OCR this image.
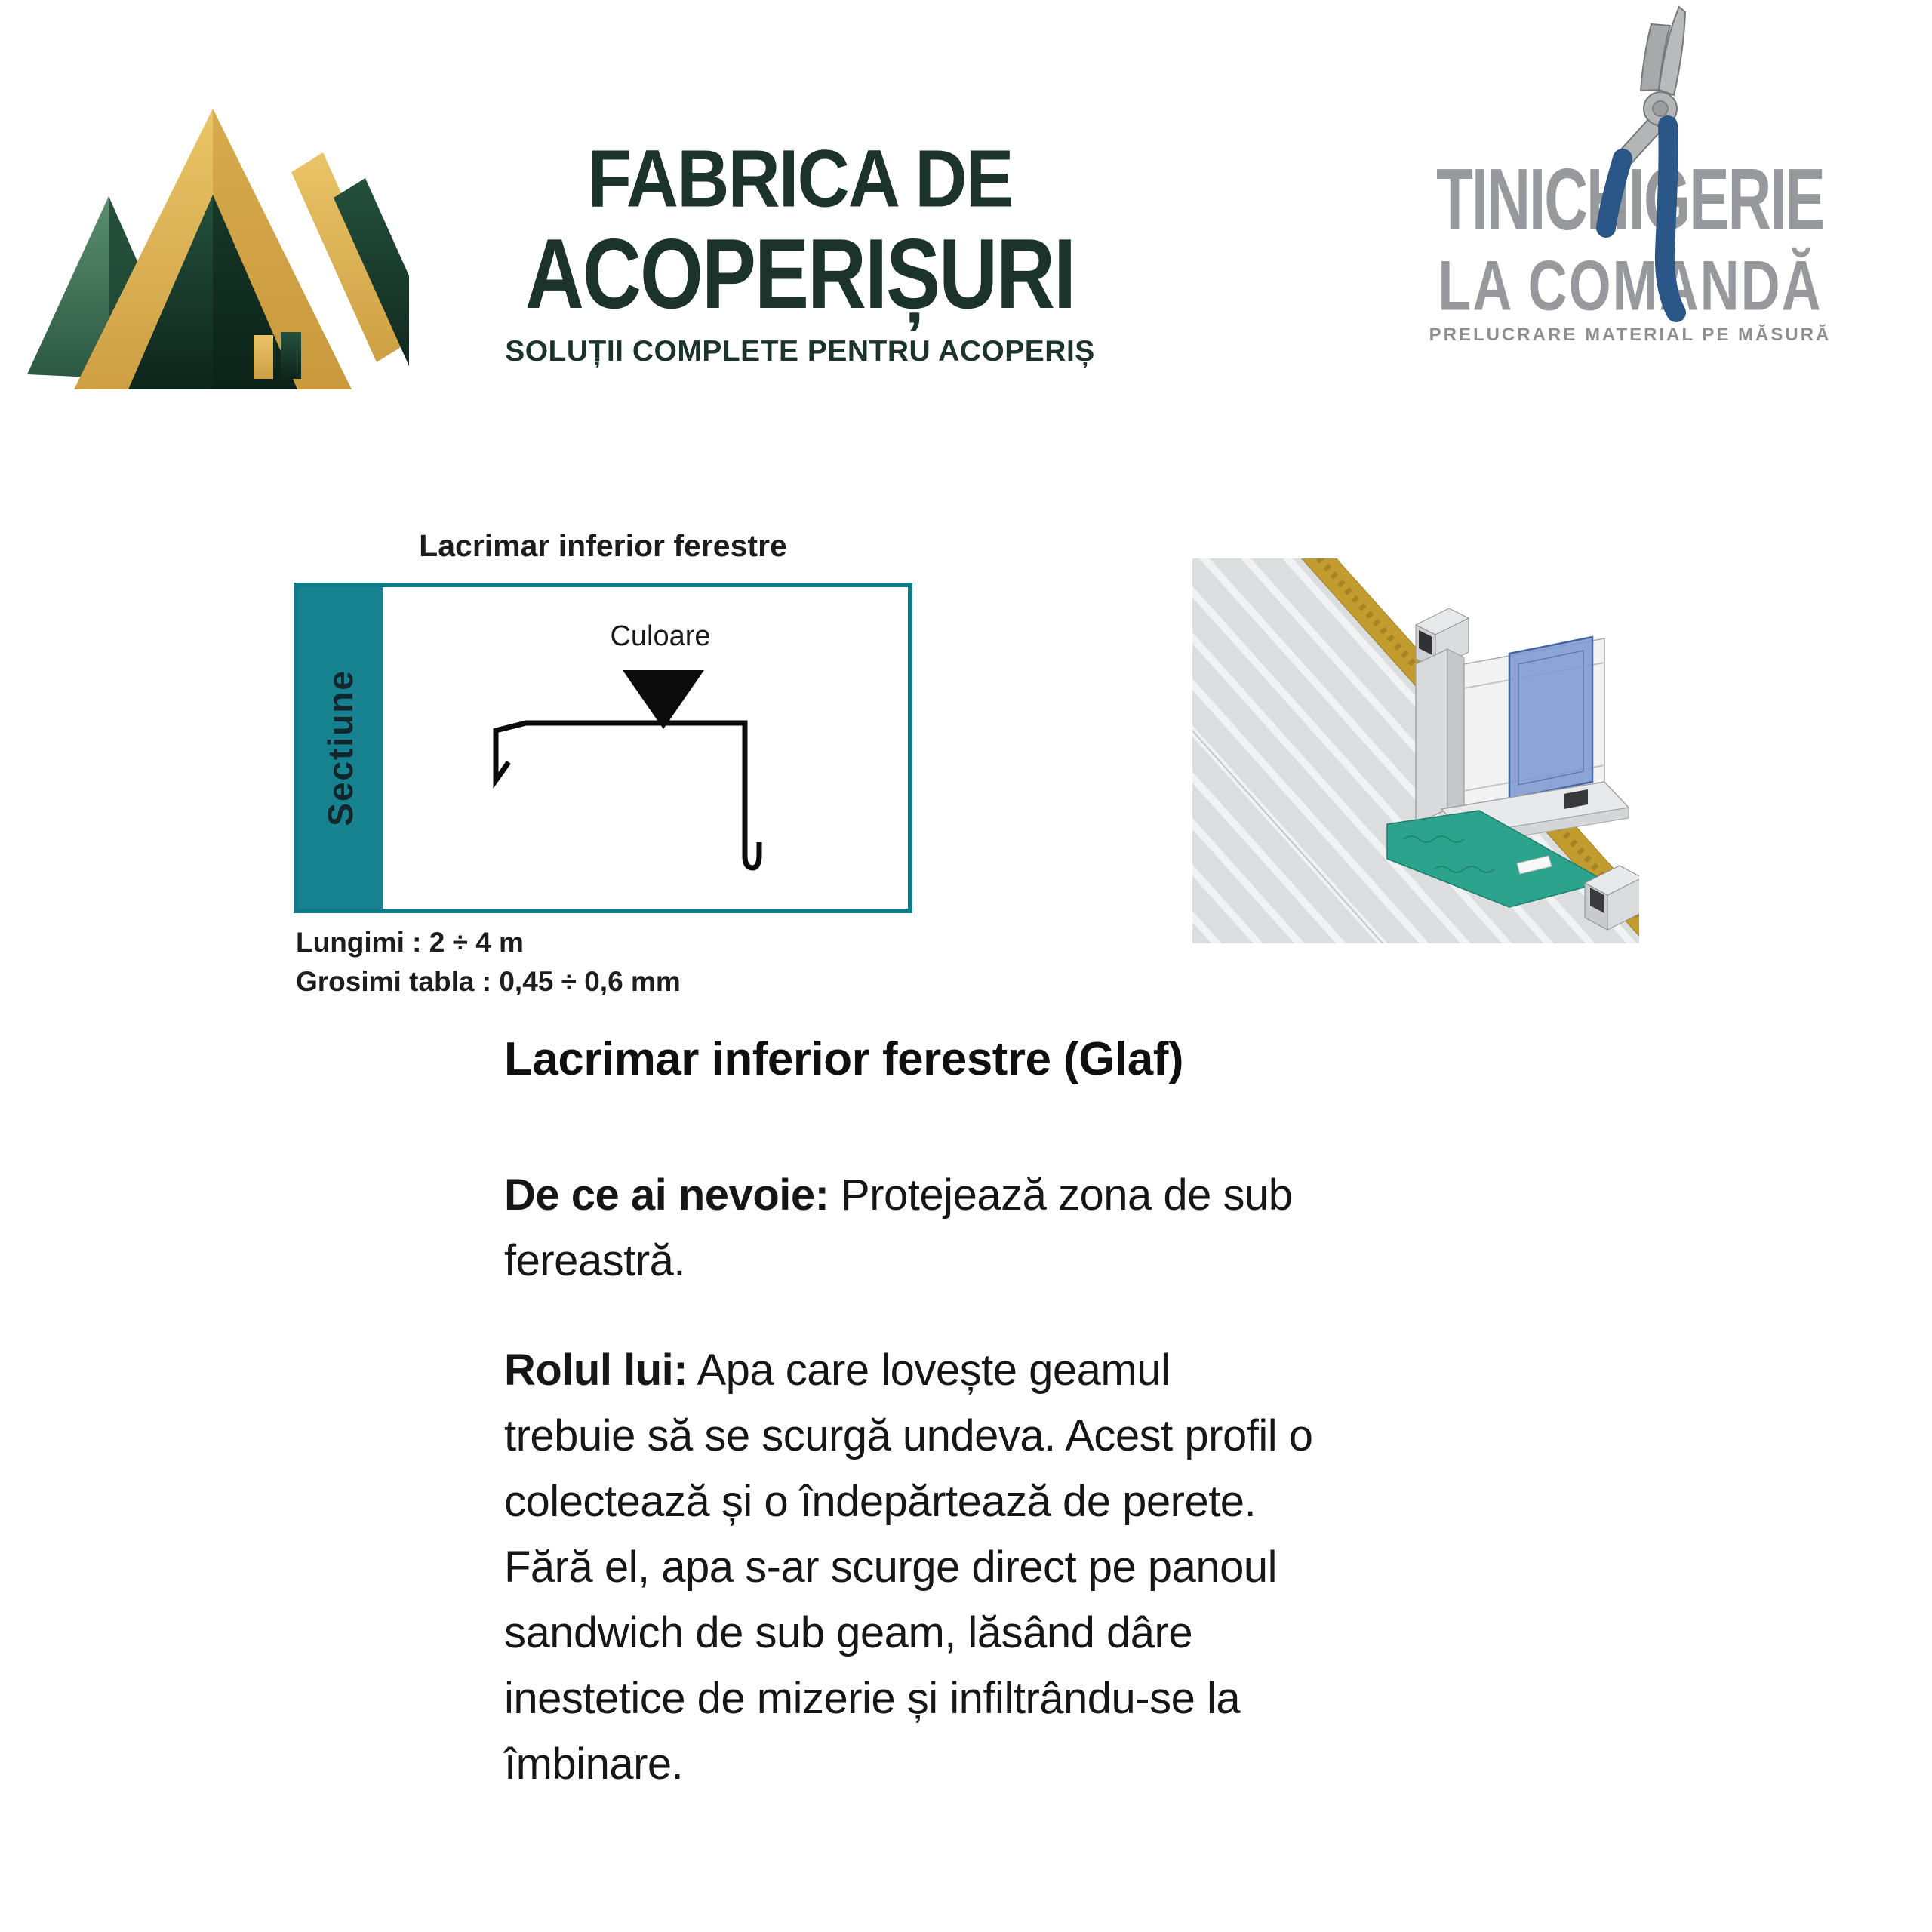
FABRICA DE
ACOPERIȘURI
SOLUȚII COMPLETE PENTRU ACOPERIȘ
TINICHIGERIE
LA COMANDĂ
PRELUCRARE MATERIAL PE MĂSURĂ
Lacrimar inferior ferestre
Sectiune
Culoare
Lungimi : 2 ÷ 4 m
Grosimi tabla : 0,45 ÷ 0,6 mm
Lacrimar inferior ferestre (Glaf)
De ce ai nevoie: Protejează zona de sub
fereastră.
Rolul lui: Apa care lovește geamul
trebuie să se scurgă undeva. Acest profil o
colectează și o îndepărtează de perete.
Fără el, apa s-ar scurge direct pe panoul
sandwich de sub geam, lăsând dâre
inestetice de mizerie și infiltrându-se la
îmbinare.
